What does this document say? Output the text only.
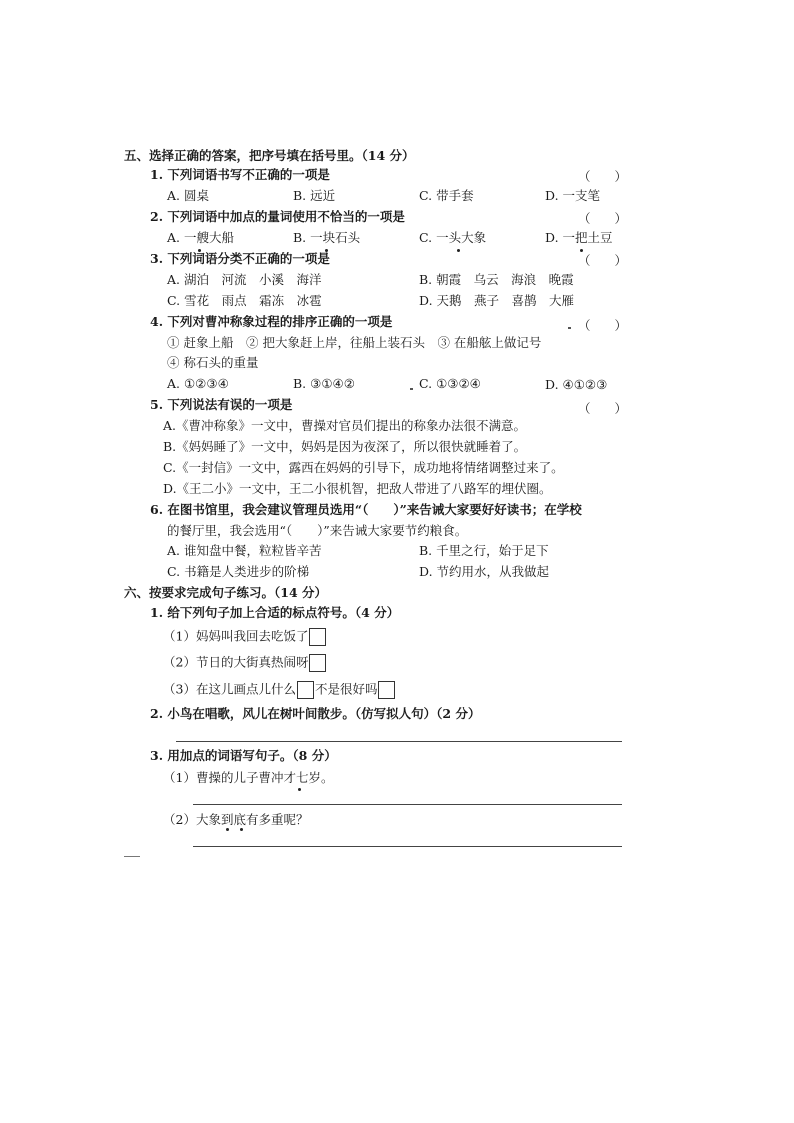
五、选择正确的答案，把序号填在括号里。（14 分）
1. 下列词语书写不正确的一项是	（ ）
A. 圆桌	B. 远近	C. 带手套	D. 一支笔
2. 下列词语中加点的量词使用不恰当的一项是	（ ）
A. 一艘大船	B. 一块石头	C. 一头大象	D. 一把土豆
3. 下列词语分类不正确的一项是	（ ）
A. 湖泊　河流　小溪　海洋	B. 朝霞　乌云　海浪　晚霞
C. 雪花　雨点　霜冻　冰雹	D. 天鹅　燕子　喜鹊　大雁
4. 下列对曹冲称象过程的排序正确的一项是	（ ）
① 赶象上船　② 把大象赶上岸，往船上装石头　③ 在船舷上做记号
④ 称石头的重量
A. ①②③④	B. ③①④②	C. ①③②④	D. ④①②③
5. 下列说法有误的一项是	（ ）
A.《曹冲称象》一文中，曹操对官员们提出的称象办法很不满意。
B.《妈妈睡了》一文中，妈妈是因为夜深了，所以很快就睡着了。
C.《一封信》一文中，露西在妈妈的引导下，成功地将情绪调整过来了。
D.《王二小》一文中，王二小很机智，把敌人带进了八路军的埋伏圈。
6. 在图书馆里，我会建议管理员选用“（　　）”来告诫大家要好好读书；在学校
的餐厅里，我会选用“（　　）”来告诫大家要节约粮食。
A. 谁知盘中餐，粒粒皆辛苦	B. 千里之行，始于足下
C. 书籍是人类进步的阶梯	D. 节约用水，从我做起
六、按要求完成句子练习。（14 分）
1. 给下列句子加上合适的标点符号。（4 分）
（1）妈妈叫我回去吃饭了
（2）节日的大街真热闹呀
（3）在这儿画点儿什么 不是很好吗
2. 小鸟在唱歌，风儿在树叶间散步。（仿写拟人句）（2 分）
3. 用加点的词语写句子。（8 分）
（1）曹操的儿子曹冲才七岁。
（2）大象到底有多重呢？
